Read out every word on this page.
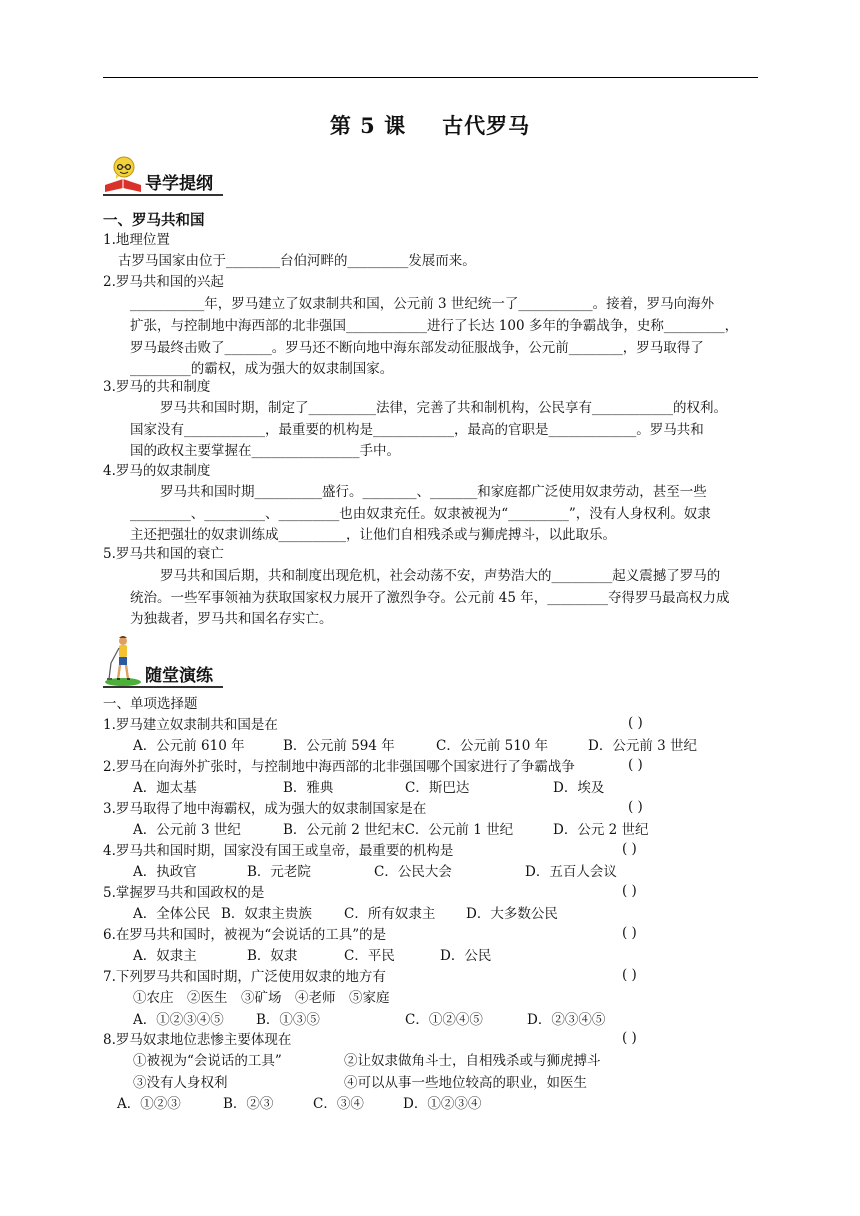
第 5 课 古代罗马
导学提纲
一、罗马共和国
1.地理位置
古罗马国家由位于________台伯河畔的_________发展而来。
2.罗马共和国的兴起
___________年，罗马建立了奴隶制共和国，公元前 3 世纪统一了___________。接着，罗马向海外
扩张，与控制地中海西部的北非强国____________进行了长达 100 多年的争霸战争，史称_________，
罗马最终击败了_______。罗马还不断向地中海东部发动征服战争，公元前________，罗马取得了
_________的霸权，成为强大的奴隶制国家。
3.罗马的共和制度
罗马共和国时期，制定了__________法律，完善了共和制机构，公民享有____________的权利。
国家没有____________，最重要的机构是____________，最高的官职是_____________。罗马共和
国的政权主要掌握在________________手中。
4.罗马的奴隶制度
罗马共和国时期__________盛行。________、_______和家庭都广泛使用奴隶劳动，甚至一些
_________、_________、_________也由奴隶充任。奴隶被视为“_________”，没有人身权利。奴隶
主还把强壮的奴隶训练成__________，让他们自相残杀或与狮虎搏斗，以此取乐。
5.罗马共和国的衰亡
罗马共和国后期，共和制度出现危机，社会动荡不安，声势浩大的_________起义震撼了罗马的
统治。一些军事领袖为获取国家权力展开了激烈争夺。公元前 45 年，_________夺得罗马最高权力成
为独裁者，罗马共和国名存实亡。
随堂演练
一、单项选择题
1.罗马建立奴隶制共和国是在	( )
A．公元前 610 年	B．公元前 594 年	C．公元前 510 年	D．公元前 3 世纪
2.罗马在向海外扩张时，与控制地中海西部的北非强国哪个国家进行了争霸战争	( )
A．迦太基	B．雅典	C．斯巴达	D．埃及
3.罗马取得了地中海霸权，成为强大的奴隶制国家是在	( )
A．公元前 3 世纪	B．公元前 2 世纪末C．公元前 1 世纪	D．公元 2 世纪
4.罗马共和国时期，国家没有国王或皇帝，最重要的机构是	( )
A．执政官	B．元老院	C．公民大会	D．五百人会议
5.掌握罗马共和国政权的是	( )
A．全体公民 B．奴隶主贵族 C．所有奴隶主 D．大多数公民
6.在罗马共和国时，被视为“会说话的工具”的是	( )
A．奴隶主	B．奴隶	C．平民	D．公民
7.下列罗马共和国时期，广泛使用奴隶的地方有	( )
①农庄　②医生　③矿场　④老师　⑤家庭
A．①②③④⑤ B．①③⑤	C．①②④⑤	D．②③④⑤
8.罗马奴隶地位悲惨主要体现在	( )
①被视为“会说话的工具”	②让奴隶做角斗士，自相残杀或与狮虎搏斗
③没有人身权利	④可以从事一些地位较高的职业，如医生
A．①②③	B．②③	C．③④	D．①②③④
